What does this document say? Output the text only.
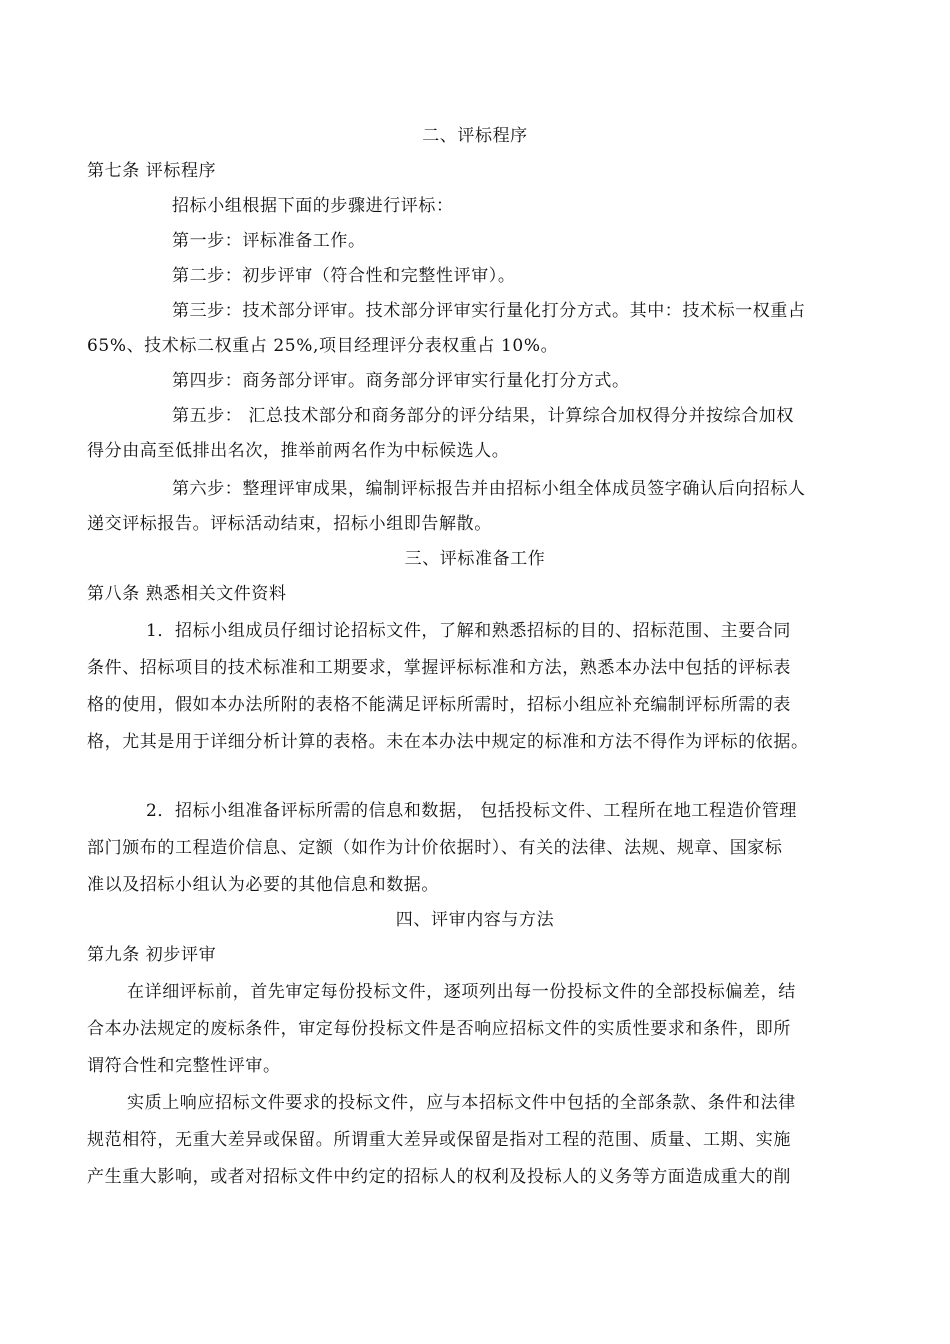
二、评标程序

第七条 评标程序

招标小组根据下面的步骤进行评标：

第一步：评标准备工作。

第二步：初步评审（符合性和完整性评审）。

第三步：技术部分评审。技术部分评审实行量化打分方式。其中：技术标一权重占

65%、技术标二权重占 25%,项目经理评分表权重占 10%。

第四步：商务部分评审。商务部分评审实行量化打分方式。

第五步： 汇总技术部分和商务部分的评分结果，计算综合加权得分并按综合加权

得分由高至低排出名次，推举前两名作为中标候选人。

第六步：整理评审成果，编制评标报告并由招标小组全体成员签字确认后向招标人

递交评标报告。评标活动结束，招标小组即告解散。

三、评标准备工作

第八条 熟悉相关文件资料

1．招标小组成员仔细讨论招标文件，了解和熟悉招标的目的、招标范围、主要合同

条件、招标项目的技术标准和工期要求，掌握评标标准和方法，熟悉本办法中包括的评标表

格的使用，假如本办法所附的表格不能满足评标所需时，招标小组应补充编制评标所需的表

格，尤其是用于详细分析计算的表格。未在本办法中规定的标准和方法不得作为评标的依据。

2．招标小组准备评标所需的信息和数据， 包括投标文件、工程所在地工程造价管理

部门颁布的工程造价信息、定额（如作为计价依据时）、有关的法律、法规、规章、国家标

准以及招标小组认为必要的其他信息和数据。

四、评审内容与方法

第九条 初步评审

在详细评标前，首先审定每份投标文件，逐项列出每一份投标文件的全部投标偏差，结

合本办法规定的废标条件，审定每份投标文件是否响应招标文件的实质性要求和条件，即所

谓符合性和完整性评审。

实质上响应招标文件要求的投标文件，应与本招标文件中包括的全部条款、条件和法律

规范相符，无重大差异或保留。所谓重大差异或保留是指对工程的范围、质量、工期、实施

产生重大影响，或者对招标文件中约定的招标人的权利及投标人的义务等方面造成重大的削
